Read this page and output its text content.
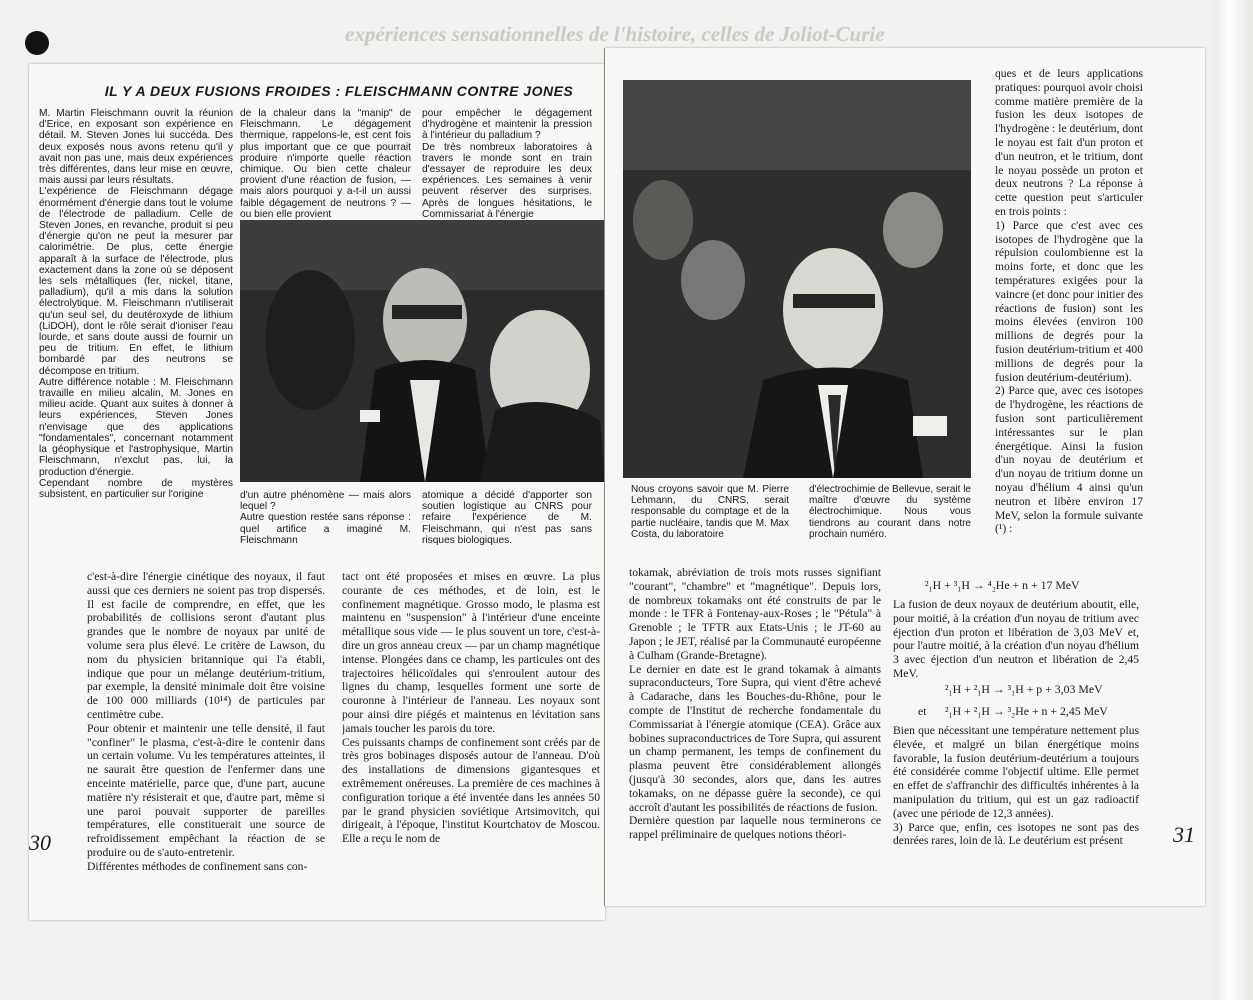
expériences sensationnelles de l'histoire, celles de Joliot-Curie
IL Y A DEUX FUSIONS FROIDES : FLEISCHMANN CONTRE JONES
M. Martin Fleischmann ouvrit la réunion d'Erice, en exposant son expérience en détail. M. Steven Jones lui succéda. Des deux exposés nous avons retenu qu'il y avait non pas une, mais deux expériences très différentes, dans leur mise en œuvre, mais aussi par leurs résultats.
L'expérience de Fleischmann dégage énormément d'énergie dans tout le volume de l'électrode de palladium. Celle de Steven Jones, en revanche, produit si peu d'énergie qu'on ne peut la mesurer par calorimétrie. De plus, cette énergie apparaît à la surface de l'électrode, plus exactement dans la zone où se déposent les sels métalliques (fer, nickel, titane, palladium), qu'il a mis dans la solution électrolytique. M. Fleischmann n'utiliserait qu'un seul sel, du deutéroxyde de lithium (LiDOH), dont le rôle serait d'ioniser l'eau lourde, et sans doute aussi de fournir un peu de tritium. En effet, le lithium bombardé par des neutrons se décompose en tritium.
Autre différence notable : M. Fleischmann travaille en milieu alcalin, M. Jones en milieu acide. Quant aux suites à donner à leurs expériences, Steven Jones n'envisage que des applications "fondamentales", concernant notamment la géophysique et l'astrophysique, Martin Fleischmann, n'exclut pas, lui, la production d'énergie.
Cependant nombre de mystères subsistent, en particulier sur l'origine
de la chaleur dans la "manip" de Fleischmann. Le dégagement thermique, rappelons-le, est cent fois plus important que ce que pourrait produire n'importe quelle réaction chimique. Ou bien cette chaleur provient d'une réaction de fusion, — mais alors pourquoi y a-t-il un aussi faible dégagement de neutrons ? — ou bien elle provient
pour empêcher le dégagement d'hydrogène et maintenir la pression à l'intérieur du palladium ?
De très nombreux laboratoires à travers le monde sont en train d'essayer de reproduire les deux expériences. Les semaines à venir peuvent réserver des surprises. Après de longues hésitations, le Commissariat à l'énergie
d'un autre phénomène — mais alors lequel ?
Autre question restée sans réponse : quel artifice a imaginé M. Fleischmann
atomique a décidé d'apporter son soutien logistique au CNRS pour refaire l'expérience de M. Fleischmann, qui n'est pas sans risques biologiques.
c'est-à-dire l'énergie cinétique des noyaux, il faut aussi que ces derniers ne soient pas trop dispersés. Il est facile de comprendre, en effet, que les probabilités de collisions seront d'autant plus grandes que le nombre de noyaux par unité de volume sera plus élevé. Le critère de Lawson, du nom du physicien britannique qui l'a établi, indique que pour un mélange deutérium-tritium, par exemple, la densité minimale doit être voisine de 100 000 milliards (10¹⁴) de particules par centimètre cube.
Pour obtenir et maintenir une telle densité, il faut "confiner" le plasma, c'est-à-dire le contenir dans un certain volume. Vu les températures atteintes, il ne saurait être question de l'enfermer dans une enceinte matérielle, parce que, d'une part, aucune matière n'y résisterait et que, d'autre part, même si une paroi pouvait supporter de pareilles températures, elle constituerait une source de refroidissement empêchant la réaction de se produire ou de s'auto-entretenir.
Différentes méthodes de confinement sans con-
tact ont été proposées et mises en œuvre. La plus courante de ces méthodes, et de loin, est le confinement magnétique. Grosso modo, le plasma est maintenu en "suspension" à l'intérieur d'une enceinte métallique sous vide — le plus souvent un tore, c'est-à-dire un gros anneau creux — par un champ magnétique intense. Plongées dans ce champ, les particules ont des trajectoires hélicoïdales qui s'enroulent autour des lignes du champ, lesquelles forment une sorte de couronne à l'intérieur de l'anneau. Les noyaux sont pour ainsi dire piégés et maintenus en lévitation sans jamais toucher les parois du tore.
Ces puissants champs de confinement sont créés par de très gros bobinages disposés autour de l'anneau. D'où des installations de dimensions gigantesques et extrêmement onéreuses. La première de ces machines à configuration torique a été inventée dans les années 50 par le grand physicien soviétique Artsimovitch, qui dirigeait, à l'époque, l'institut Kourtchatov de Moscou. Elle a reçu le nom de
30
Nous croyons savoir que M. Pierre Lehmann, du CNRS, serait responsable du comptage et de la partie nucléaire, tandis que M. Max Costa, du laboratoire
d'électrochimie de Bellevue, serait le maître d'œuvre du système électrochimique. Nous vous tiendrons au courant dans notre prochain numéro.
ques et de leurs applications pratiques: pourquoi avoir choisi comme matière première de la fusion les deux isotopes de l'hydrogène : le deutérium, dont le noyau est fait d'un proton et d'un neutron, et le tritium, dont le noyau possède un proton et deux neutrons ? La réponse à cette question peut s'articuler en trois points :
1) Parce que c'est avec ces isotopes de l'hydrogène que la répulsion coulombienne est la moins forte, et donc que les températures exigées pour la vaincre (et donc pour initier des réactions de fusion) sont les moins élevées (environ 100 millions de degrés pour la fusion deutérium-tritium et 400 millions de degrés pour la fusion deutérium-deutérium).
2) Parce que, avec ces isotopes de l'hydrogène, les réactions de fusion sont particulièrement intéressantes sur le plan énergétique. Ainsi la fusion d'un noyau de deutérium et d'un noyau de tritium donne un noyau d'hélium 4 ainsi qu'un neutron et libère environ 17 MeV, selon la formule suivante (¹) :
tokamak, abréviation de trois mots russes signifiant "courant", "chambre" et "magnétique". Depuis lors, de nombreux tokamaks ont été construits de par le monde : le TFR à Fontenay-aux-Roses ; le "Pétula" à Grenoble ; le TFTR aux Etats-Unis ; le JT-60 au Japon ; le JET, réalisé par la Communauté européenne à Culham (Grande-Bretagne).
Le dernier en date est le grand tokamak à aimants supraconducteurs, Tore Supra, qui vient d'être achevé à Cadarache, dans les Bouches-du-Rhône, pour le compte de l'Institut de recherche fondamentale du Commissariat à l'énergie atomique (CEA). Grâce aux bobines supraconductrices de Tore Supra, qui assurent un champ permanent, les temps de confinement du plasma peuvent être considérablement allongés (jusqu'à 30 secondes, alors que, dans les autres tokamaks, on ne dépasse guère la seconde), ce qui accroît d'autant les possibilités de réactions de fusion.
Dernière question par laquelle nous terminerons ce rappel préliminaire de quelques notions théori-
²₁H + ³₁H → ⁴₂He + n + 17 MeV
La fusion de deux noyaux de deutérium aboutit, elle, pour moitié, à la création d'un noyau de tritium avec éjection d'un proton et libération de 3,03 MeV et, pour l'autre moitié, à la création d'un noyau d'hélium 3 avec éjection d'un neutron et libération de 2,45 MeV.
²₁H + ²₁H → ³₁H + p + 3,03 MeV
et ²₁H + ²₁H → ³₂He + n + 2,45 MeV
Bien que nécessitant une température nettement plus élevée, et malgré un bilan énergétique moins favorable, la fusion deutérium-deutérium a toujours été considérée comme l'objectif ultime. Elle permet en effet de s'affranchir des difficultés inhérentes à la manipulation du tritium, qui est un gaz radioactif (avec une période de 12,3 années).
3) Parce que, enfin, ces isotopes ne sont pas des denrées rares, loin de là. Le deutérium est présent	31
